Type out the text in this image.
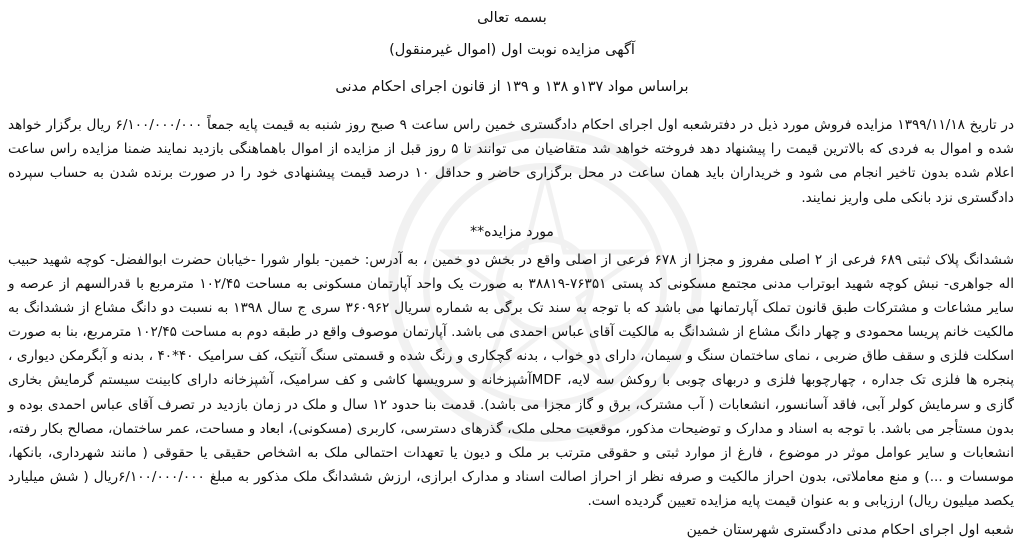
بسمه تعالی

آگهی مزایده نوبت اول (اموال غیرمنقول)

براساس مواد ۱۳۷و ۱۳۸ و ۱۳۹ از قانون اجرای احکام مدنی

در تاریخ ۱۳۹۹/۱۱/۱۸ مزایده فروش مورد ذیل در دفترشعبه اول اجرای احکام دادگستری خمین راس ساعت ۹ صبح روز شنبه به قیمت پایه جمعاً ۶/۱۰۰/۰۰۰/۰۰۰ ریال برگزار خواهد شده و اموال به فردی که بالاترین قیمت را پیشنهاد دهد فروخته خواهد شد متقاضیان می توانند تا ۵ روز قبل از مزایده از اموال باهماهنگی بازدید نمایند ضمنا مزایده راس ساعت اعلام شده بدون تاخیر انجام می شود و خریداران باید همان ساعت در محل برگزاری حاضر و حداقل ۱۰ درصد قیمت پیشنهادی خود را در صورت برنده شدن به حساب سپرده دادگستری نزد بانکی ملی واریز نمایند.

مورد مزایده**

ششدانگ پلاک ثبتی ۶۸۹ فرعی از ۲ اصلی مفروز و مجزا از ۶۷۸ فرعی از اصلی واقع در بخش دو خمین ، به آدرس: خمین- بلوار شورا -خیابان حضرت ابوالفضل- کوچه شهید حبیب اله جواهری- نبش کوچه شهید ابوتراب مدنی مجتمع مسکونی کد پستی ۷۶۳۵۱-۳۸۸۱۹ به صورت یک واحد آپارتمان مسکونی به مساحت ۱۰۲/۴۵ مترمربع با قدرالسهم از عرصه و سایر مشاعات و مشترکات طبق قانون تملک آپارتمانها می باشد که با توجه به سند تک برگی به شماره سریال ۳۶۰۹۶۲ سری ج سال ۱۳۹۸ به نسبت دو دانگ مشاع از ششدانگ به مالکیت خانم پریسا محمودی و چهار دانگ مشاع از ششدانگ به مالکیت آقای عباس احمدی می باشد. آپارتمان موصوف واقع در طبقه دوم به مساحت ۱۰۲/۴۵ مترمربع، بنا به صورت اسکلت فلزی و سقف طاق ضربی ، نمای ساختمان سنگ و سیمان، دارای دو خواب ، بدنه گچکاری و رنگ شده و قسمتی سنگ آنتیک، کف سرامیک ۴۰*۴۰ ، بدنه و آبگرمکن دیواری ، پنجره ها فلزی تک جداره ، چهارچوبها فلزی و دربهای چوبی با روکش سه لایه، MDFآشپزخانه و سرویسها کاشی و کف سرامیک، آشپزخانه دارای کابینت سیستم گرمایش بخاری گازی و سرمایش کولر آبی، فاقد آسانسور، انشعابات ( آب مشترک، برق و گاز مجزا می باشد). قدمت بنا حدود ۱۲ سال و ملک در زمان بازدید در تصرف آقای عباس احمدی بوده و بدون مستأجر می باشد. با توجه به اسناد و مدارک و توضیحات مذکور، موقعیت محلی ملک، گذرهای دسترسی، کاربری (مسکونی)، ابعاد و مساحت، عمر ساختمان، مصالح بکار رفته، انشعابات و سایر عوامل موثر در موضوع ، فارغ از موارد ثبتی و حقوقی مترتب بر ملک و دیون یا تعهدات احتمالی ملک به اشخاص حقیقی یا حقوقی ( مانند شهرداری، بانکها، موسسات و ...) و منع معاملاتی، بدون احراز مالکیت و صرفه نظر از احراز اصالت اسناد و مدارک ابرازی، ارزش ششدانگ ملک مذکور به مبلغ ۶/۱۰۰/۰۰۰/۰۰۰ریال ( شش میلیارد یکصد میلیون ریال) ارزیابی و به عنوان قیمت پایه مزایده تعیین گردیده است.

شعبه اول اجرای احکام مدنی دادگستری شهرستان خمین
